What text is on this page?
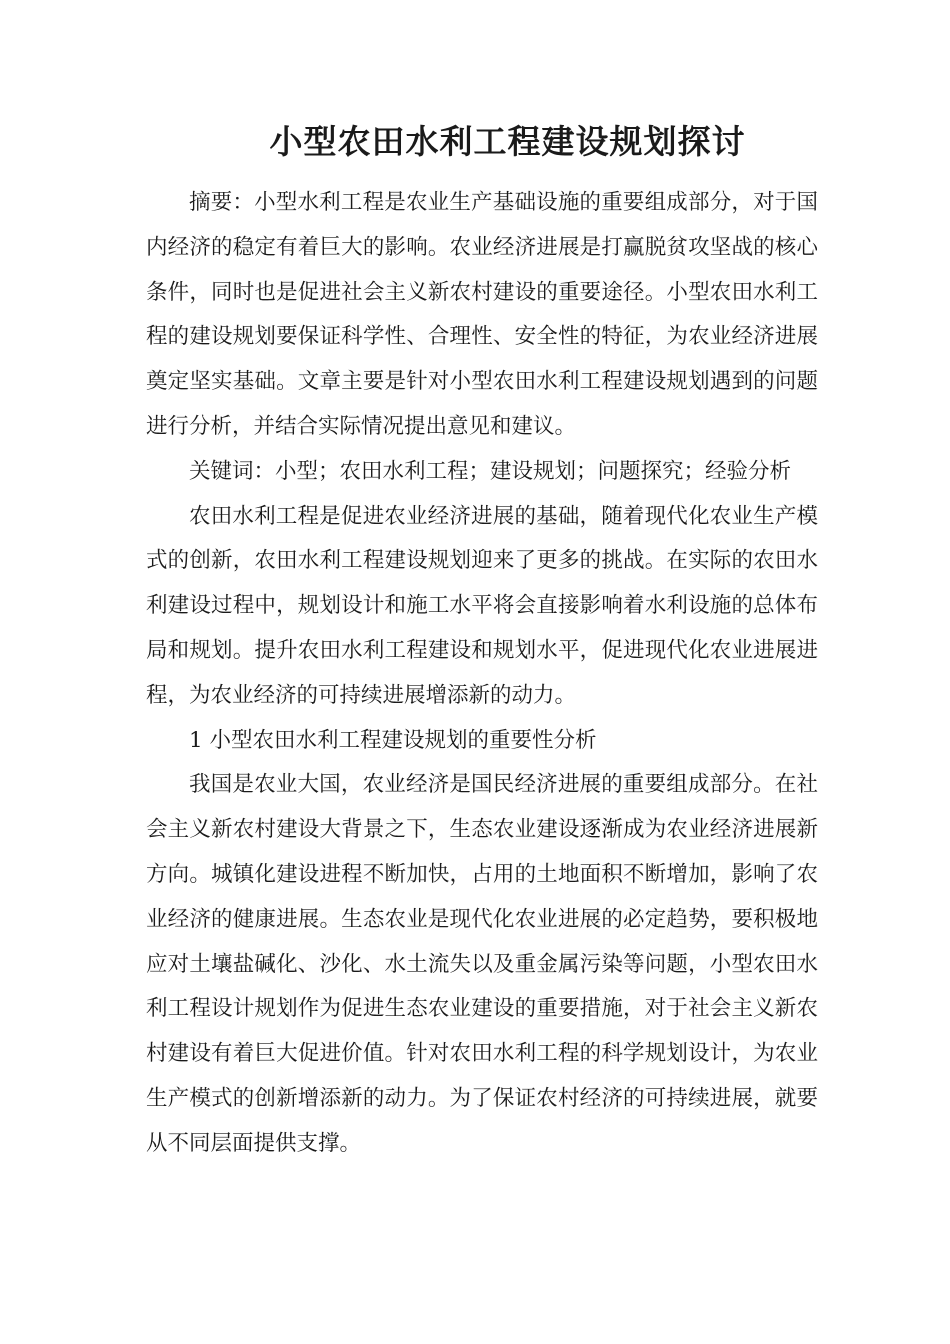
小型农田水利工程建设规划探讨

摘要：小型水利工程是农业生产基础设施的重要组成部分，对于国内经济的稳定有着巨大的影响。农业经济进展是打赢脱贫攻坚战的核心条件，同时也是促进社会主义新农村建设的重要途径。小型农田水利工程的建设规划要保证科学性、合理性、安全性的特征，为农业经济进展奠定坚实基础。文章主要是针对小型农田水利工程建设规划遇到的问题进行分析，并结合实际情况提出意见和建议。

关键词：小型；农田水利工程；建设规划；问题探究；经验分析

农田水利工程是促进农业经济进展的基础，随着现代化农业生产模式的创新，农田水利工程建设规划迎来了更多的挑战。在实际的农田水利建设过程中，规划设计和施工水平将会直接影响着水利设施的总体布局和规划。提升农田水利工程建设和规划水平，促进现代化农业进展进程，为农业经济的可持续进展增添新的动力。

1 小型农田水利工程建设规划的重要性分析

我国是农业大国，农业经济是国民经济进展的重要组成部分。在社会主义新农村建设大背景之下，生态农业建设逐渐成为农业经济进展新方向。城镇化建设进程不断加快，占用的土地面积不断增加，影响了农业经济的健康进展。生态农业是现代化农业进展的必定趋势，要积极地应对土壤盐碱化、沙化、水土流失以及重金属污染等问题，小型农田水利工程设计规划作为促进生态农业建设的重要措施，对于社会主义新农村建设有着巨大促进价值。针对农田水利工程的科学规划设计，为农业生产模式的创新增添新的动力。为了保证农村经济的可持续进展，就要从不同层面提供支撑。
